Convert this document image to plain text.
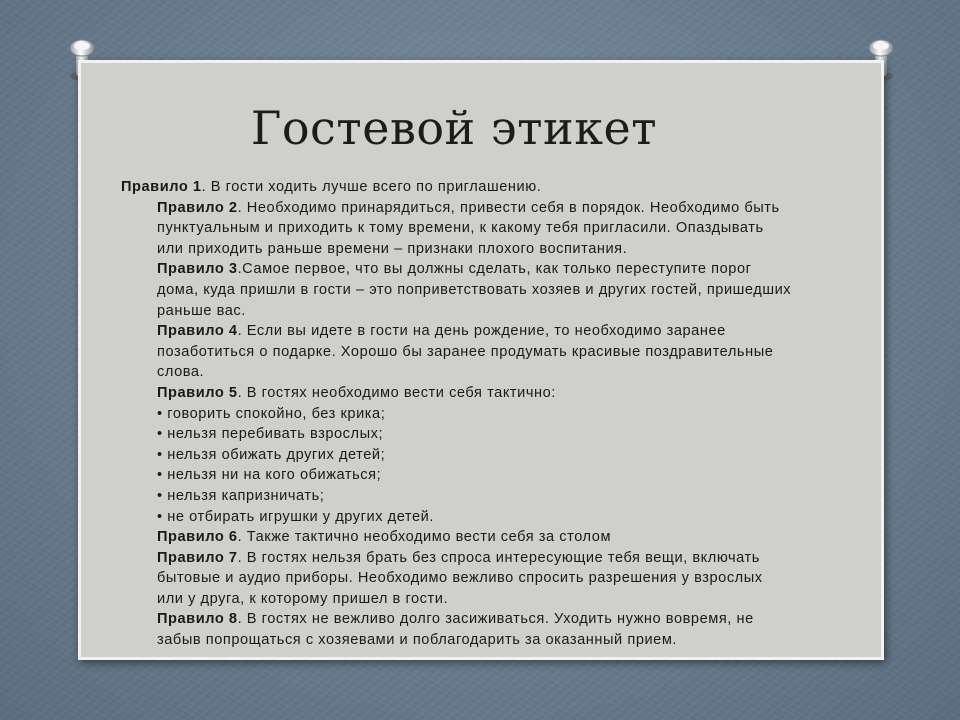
Гостевой этикет
Правило 1. В гости ходить лучше всего по приглашению.
Правило 2. Необходимо принарядиться, привести себя в порядок. Необходимо быть
пунктуальным и приходить к тому времени, к какому тебя пригласили. Опаздывать
или приходить раньше времени – признаки плохого воспитания.
Правило 3.Самое первое, что вы должны сделать, как только переступите порог
дома, куда пришли в гости – это поприветствовать хозяев и других гостей, пришедших
раньше вас.
Правило 4. Если вы идете в гости на день рождение, то необходимо заранее
позаботиться о подарке. Хорошо бы заранее продумать красивые поздравительные
слова.
Правило 5. В гостях необходимо вести себя тактично:
• говорить спокойно, без крика;
• нельзя перебивать взрослых;
• нельзя обижать других детей;
• нельзя ни на кого обижаться;
• нельзя капризничать;
• не отбирать игрушки у других детей.
Правило 6. Также тактично необходимо вести себя за столом
Правило 7. В гостях нельзя брать без спроса интересующие тебя вещи, включать
бытовые и аудио приборы. Необходимо вежливо спросить разрешения у взрослых
или у друга, к которому пришел в гости.
Правило 8. В гостях не вежливо долго засиживаться. Уходить нужно вовремя, не
забыв попрощаться с хозяевами и поблагодарить за оказанный прием.
